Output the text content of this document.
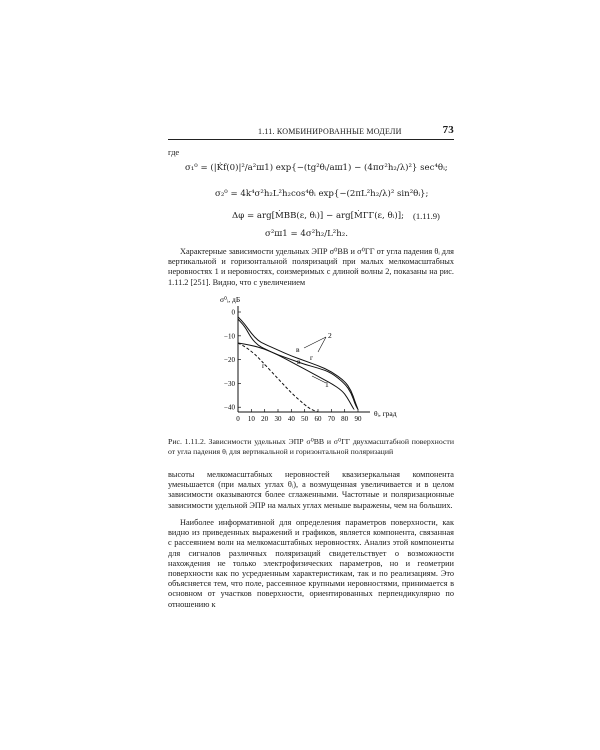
1.11. КОМБИНИРОВАННЫЕ МОДЕЛИ	73
где
σ₁⁰ = (|K̇f(0)|²/a²ш1) exp{−(tg²θᵢ/aш1) − (4πσ²h₂/λ)²} sec⁴θᵢ;
σ₂⁰ = 4k⁴σ²h₂L²h₂cos⁴θᵢ exp{−(2πL²h₂/λ)² sin²θᵢ};
Δφ = arg[ṀВВ(ε, θᵢ)] − arg[ṀГГ(ε, θᵢ)]; (1.11.9)
σ²ш1 = 4σ²h₂/L²h₂.

Характерные зависимости удельных ЭПР σ⁰ВВ и σ⁰ГГ от угла падения θᵢ для вертикальной и горизонтальной поляризаций при малых мелкомасштабных неровностях 1 и неровностях, соизмеримых с длиной волны 2, показаны на рис. 1.11.2 [251]. Видно, что с увеличением

0 10 20 30 40 50 60 70 80 90
0
−10
−20
−30
−40
1
2
в
г	в г
σ⁰ᵢ, дБ
θᵢ, град
Рис. 1.11.2. Зависимости удельных ЭПР σ⁰ВВ и σ⁰ГГ двухмасштабной поверхности от угла падения θᵢ для вертикальной и горизонтальной поляризаций

высоты мелкомасштабных неровностей квазизеркальная компонента уменьшается (при малых углах θᵢ), а возмущенная увеличивается и в целом зависимости оказываются более сглаженными. Частотные и поляризационные зависимости удельной ЭПР на малых углах меньше выражены, чем на больших.

Наиболее информативной для определения параметров поверхности, как видно из приведенных выражений и графиков, является компонента, связанная с рассеянием волн на мелкомасштабных неровностях. Анализ этой компоненты для сигналов различных поляризаций свидетельствует о возможности нахождения не только электрофизических параметров, но и геометрии поверхности как по усредненным характеристикам, так и по реализациям. Это объясняется тем, что поле, рассеянное крупными неровностями, принимается в основном от участков поверхности, ориентированных перпендикулярно по отношению к
